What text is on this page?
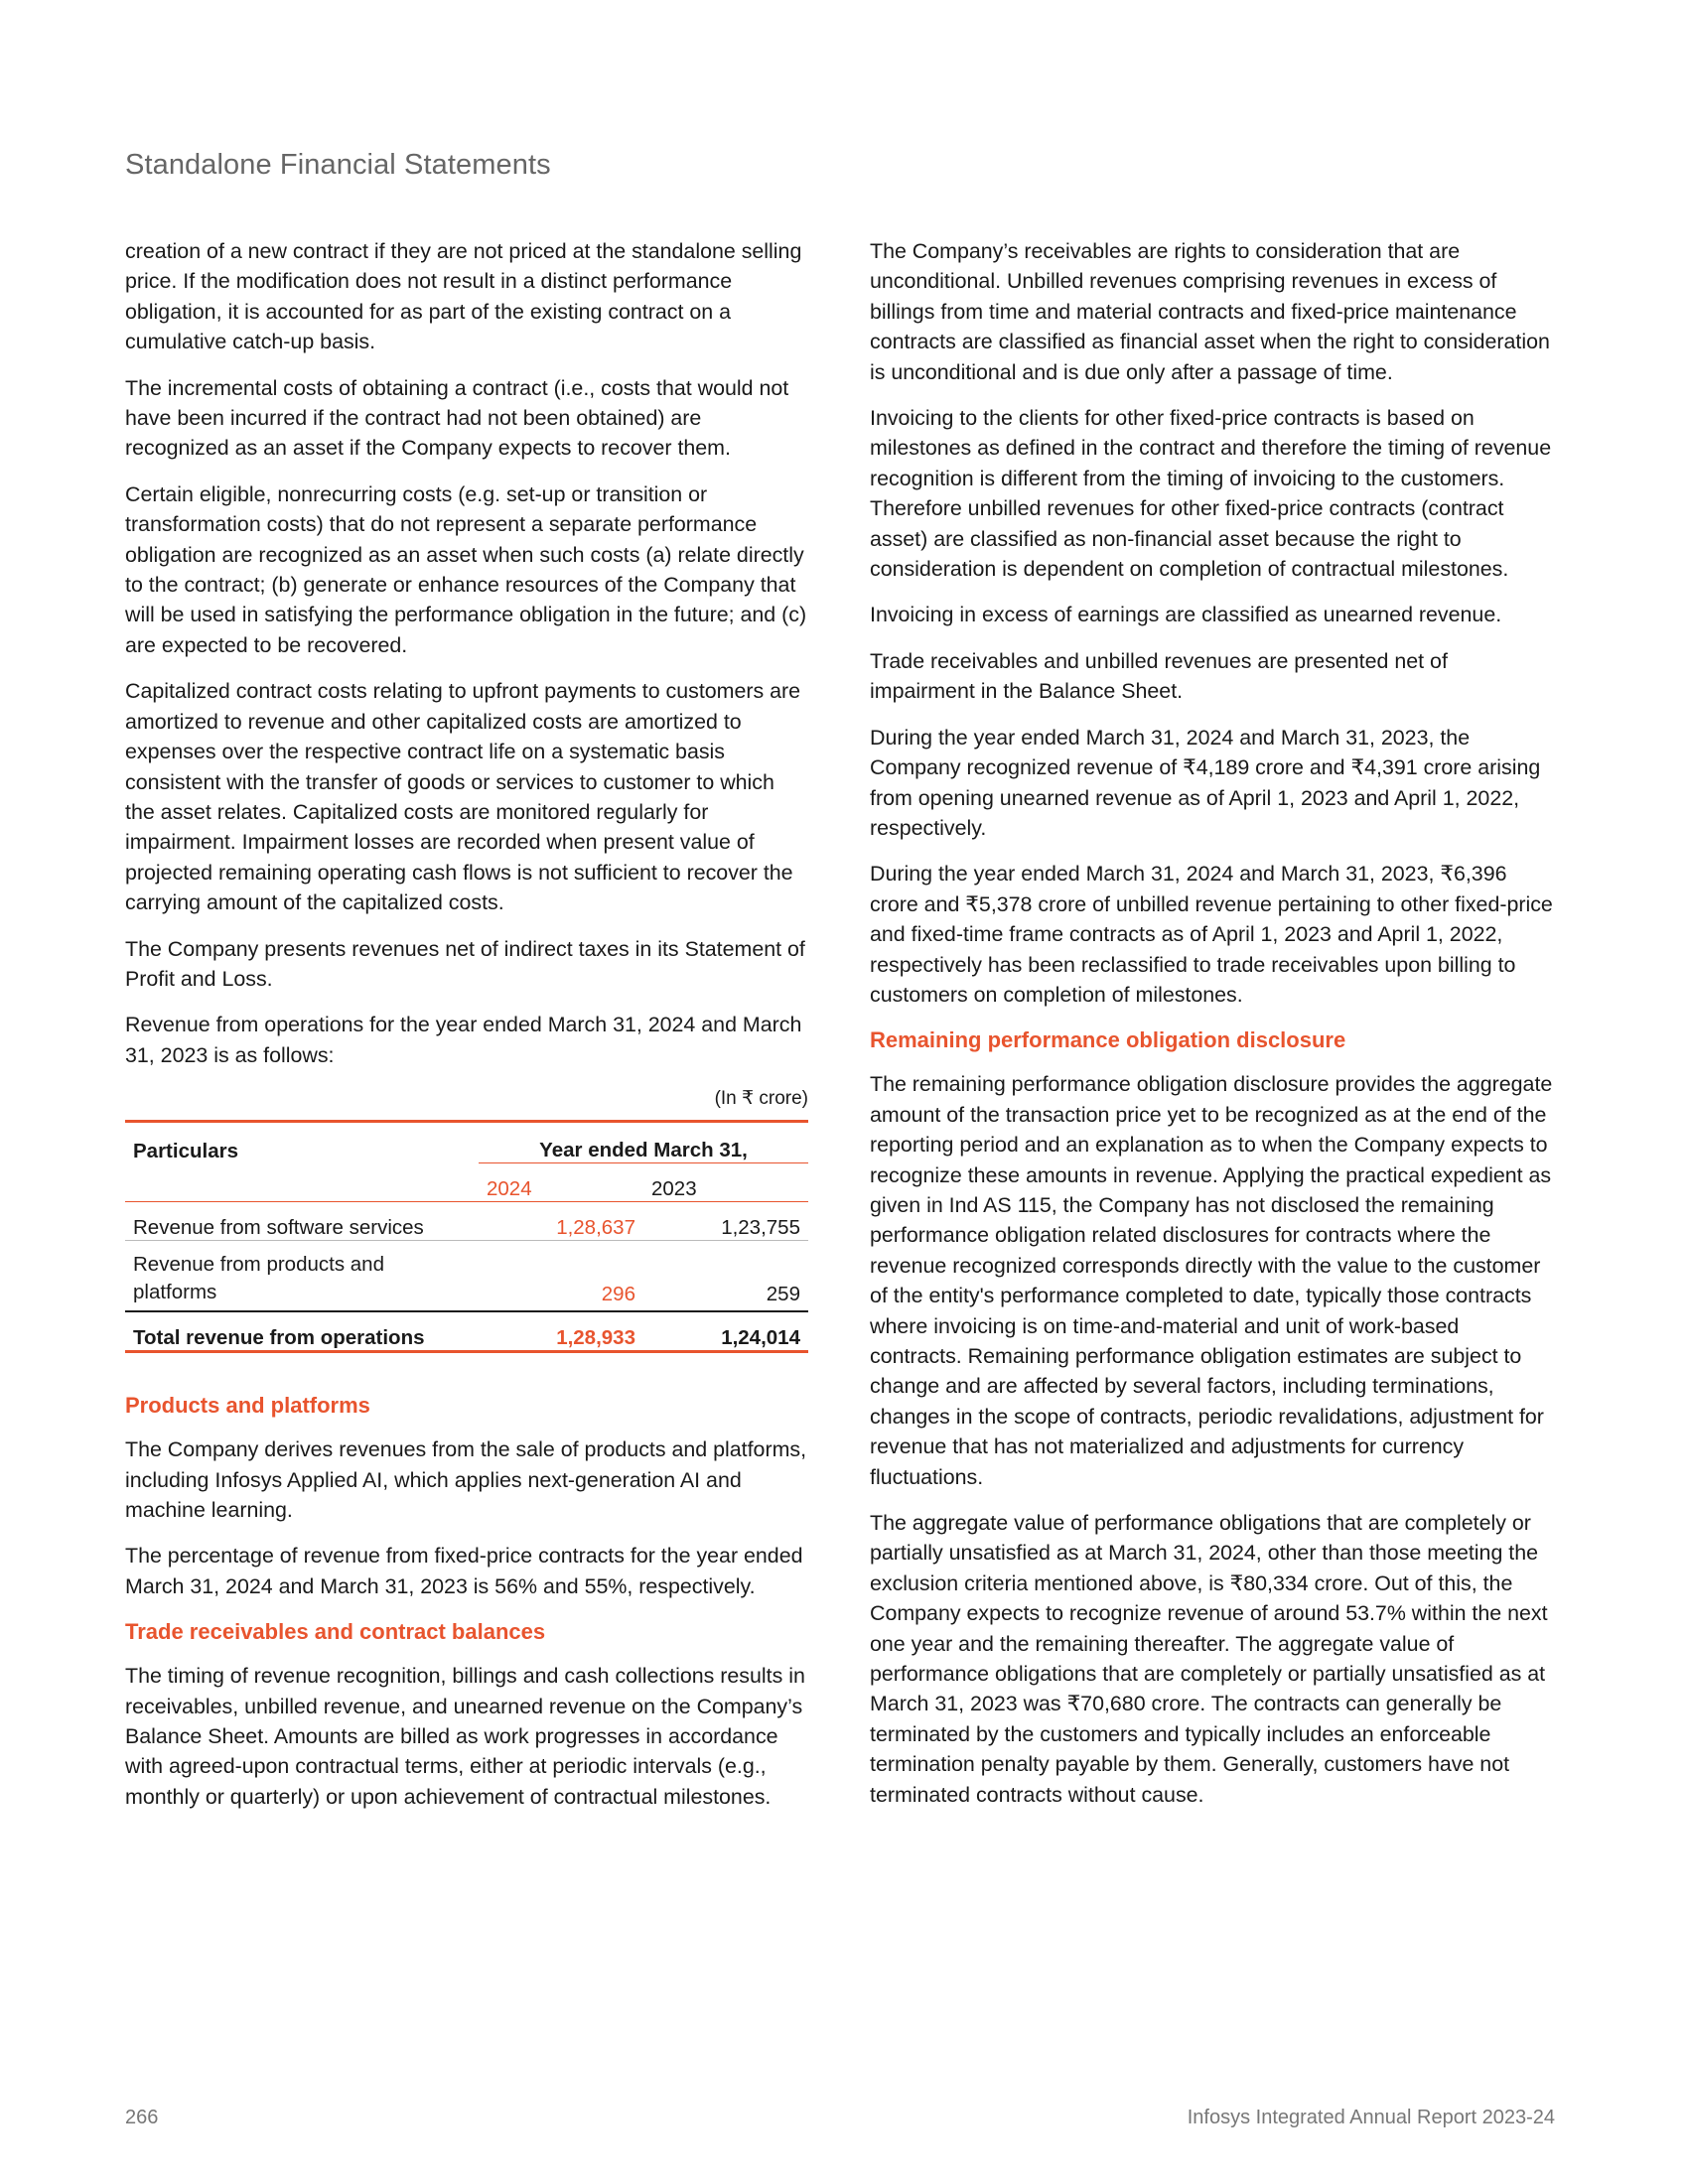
Standalone Financial Statements

creation of a new contract if they are not priced at the standalone selling price. If the modification does not result in a distinct performance obligation, it is accounted for as part of the existing contract on a cumulative catch-up basis.

The incremental costs of obtaining a contract (i.e., costs that would not have been incurred if the contract had not been obtained) are recognized as an asset if the Company expects to recover them.

Certain eligible, nonrecurring costs (e.g. set-up or transition or transformation costs) that do not represent a separate performance obligation are recognized as an asset when such costs (a) relate directly to the contract; (b) generate or enhance resources of the Company that will be used in satisfying the performance obligation in the future; and (c) are expected to be recovered.

Capitalized contract costs relating to upfront payments to customers are amortized to revenue and other capitalized costs are amortized to expenses over the respective contract life on a systematic basis consistent with the transfer of goods or services to customer to which the asset relates. Capitalized costs are monitored regularly for impairment. Impairment losses are recorded when present value of projected remaining operating cash flows is not sufficient to recover the carrying amount of the capitalized costs.

The Company presents revenues net of indirect taxes in its Statement of Profit and Loss.

Revenue from operations for the year ended March 31, 2024 and March 31, 2023 is as follows:

(In ₹ crore)
Particulars	Year ended March 31,	
	2024	2023
Revenue from software services	1,28,637	1,23,755

Revenue from products and platforms	296	259
Total revenue from operations	1,28,933	1,24,014
Products and platforms

The Company derives revenues from the sale of products and platforms, including Infosys Applied AI, which applies next-generation AI and machine learning.

The percentage of revenue from fixed-price contracts for the year ended March 31, 2024 and March 31, 2023 is 56% and 55%, respectively.

Trade receivables and contract balances

The timing of revenue recognition, billings and cash collections results in receivables, unbilled revenue, and unearned revenue on the Company’s Balance Sheet. Amounts are billed as work progresses in accordance with agreed-upon contractual terms, either at periodic intervals (e.g., monthly or quarterly) or upon achievement of contractual milestones.

The Company’s receivables are rights to consideration that are unconditional. Unbilled revenues comprising revenues in excess of billings from time and material contracts and fixed-price maintenance contracts are classified as financial asset when the right to consideration is unconditional and is due only after a passage of time.

Invoicing to the clients for other fixed-price contracts is based on milestones as defined in the contract and therefore the timing of revenue recognition is different from the timing of invoicing to the customers. Therefore unbilled revenues for other fixed-price contracts (contract asset) are classified as non-financial asset because the right to consideration is dependent on completion of contractual milestones.

Invoicing in excess of earnings are classified as unearned revenue.

Trade receivables and unbilled revenues are presented net of impairment in the Balance Sheet.

During the year ended March 31, 2024 and March 31, 2023, the Company recognized revenue of ₹4,189 crore and ₹4,391 crore arising from opening unearned revenue as of April 1, 2023 and April 1, 2022, respectively.

During the year ended March 31, 2024 and March 31, 2023, ₹6,396 crore and ₹5,378 crore of unbilled revenue pertaining to other fixed-price and fixed-time frame contracts as of April 1, 2023 and April 1, 2022, respectively has been reclassified to trade receivables upon billing to customers on completion of milestones.

Remaining performance obligation disclosure

The remaining performance obligation disclosure provides the aggregate amount of the transaction price yet to be recognized as at the end of the reporting period and an explanation as to when the Company expects to recognize these amounts in revenue. Applying the practical expedient as given in Ind AS 115, the Company has not disclosed the remaining performance obligation related disclosures for contracts where the revenue recognized corresponds directly with the value to the customer of the entity's performance completed to date, typically those contracts where invoicing is on time-and-material and unit of work-based contracts. Remaining performance obligation estimates are subject to change and are affected by several factors, including terminations, changes in the scope of contracts, periodic revalidations, adjustment for revenue that has not materialized and adjustments for currency fluctuations.

The aggregate value of performance obligations that are completely or partially unsatisfied as at March 31, 2024, other than those meeting the exclusion criteria mentioned above, is ₹80,334 crore. Out of this, the Company expects to recognize revenue of around 53.7% within the next one year and the remaining thereafter. The aggregate value of performance obligations that are completely or partially unsatisfied as at March 31, 2023 was ₹70,680 crore. The contracts can generally be terminated by the customers and typically includes an enforceable termination penalty payable by them. Generally, customers have not terminated contracts without cause.

266	Infosys Integrated Annual Report 2023-24
